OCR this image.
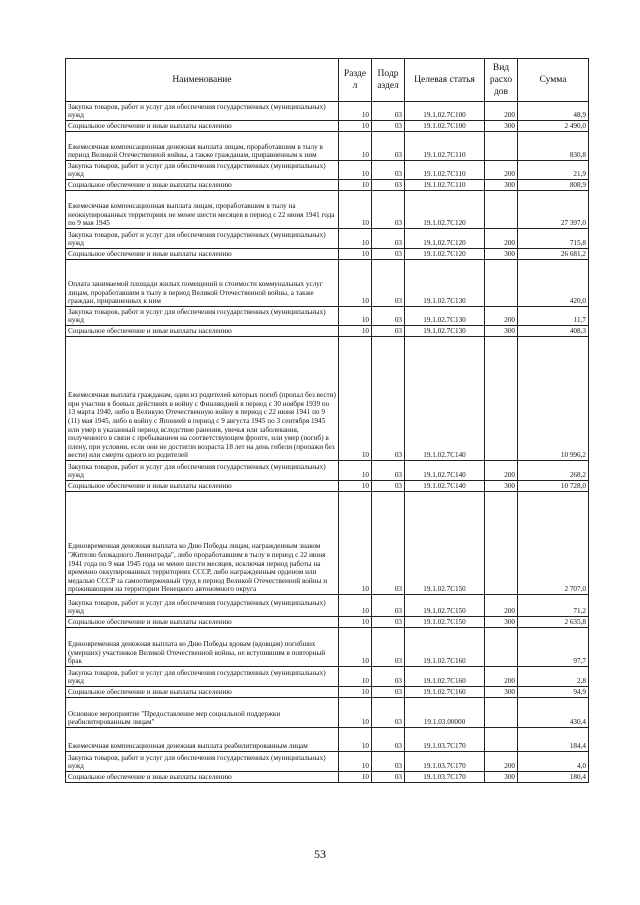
Наименование	Разде л	Подр аздел	Целевая статья	Вид расхо дов	Сумма
Закупка товаров, работ и услуг для обеспечения государственных (муниципальных) нужд	10	03	19.1.02.7С100	200	48,9
Социальное обеспечение и иные выплаты населению	10	03	19.1.02.7С100	300	2 490,0
Ежемесячная компенсационная денежная выплата лицам, проработавшим в тылу в период Великой Отечественной войны, а также гражданам, приравненным к ним	10	03	19.1.02.7С110		830,8
Закупка товаров, работ и услуг для обеспечения государственных (муниципальных) нужд	10	03	19.1.02.7С110	200	21,9
Социальное обеспечение и иные выплаты населению	10	03	19.1.02.7С110	300	808,9
Ежемесячная компенсационная выплата лицам, проработавшим в тылу на неоккупированных территориях не менее шести месяцев в период с 22 июня 1941 года по 9 мая 1945	10	03	19.1.02.7С120		27 397,0
Закупка товаров, работ и услуг для обеспечения государственных (муниципальных) нужд	10	03	19.1.02.7С120	200	715,8
Социальное обеспечение и иные выплаты населению	10	03	19.1.02.7С120	300	26 681,2
Оплата занимаемой площади жилых помещений и стоимости коммунальных услуг лицам, проработавшим в тылу в период Великой Отечественной войны, а также граждан, приравненных к ним	10	03	19.1.02.7С130		420,0
Закупка товаров, работ и услуг для обеспечения государственных (муниципальных) нужд	10	03	19.1.02.7С130	200	11,7
Социальное обеспечение и иные выплаты населению	10	03	19.1.02.7С130	300	408,3
Ежемесячная выплата гражданам, один из родителей которых погиб (пропал без вести) при участии в боевых действиях в войну с Финляндией в период с 30 ноября 1939 по 13 марта 1940, либо в Великую Отечественную войну в период с 22 июня 1941 по 9 (11) мая 1945, либо в войну с Японией в период с 9 августа 1945 по 3 сентября 1945 или умер в указанный период вследствие ранения, увечья или заболевания, полученного в связи с пребыванием на соответствующем фронте, или умер (погиб) в плену, при условии, если они не достигли возраста 18 лет на день гибели (пропажи без вести) или смерти одного из родителей	10	03	19.1.02.7С140		10 996,2
Закупка товаров, работ и услуг для обеспечения государственных (муниципальных) нужд	10	03	19.1.02.7С140	200	268,2
Социальное обеспечение и иные выплаты населению	10	03	19.1.02.7С140	300	10 728,0
Единовременная денежная выплата ко Дню Победы лицам, награжденным знаком "Жителю блокадного Ленинграда", либо проработавшим в тылу в период с 22 июня 1941 года по 9 мая 1945 года не менее шести месяцев, исключая период работы на временно оккупированных территориях СССР, либо награжденным орденом или медалью СССР за самоотверженный труд в период Великой Отечественной войны и проживающим на территории Ненецкого автономного округа	10	03	19.1.02.7С150		2 707,0
Закупка товаров, работ и услуг для обеспечения государственных (муниципальных) нужд	10	03	19.1.02.7С150	200	71,2
Социальное обеспечение и иные выплаты населению	10	03	19.1.02.7С150	300	2 635,8
Единовременная денежная выплата ко Дню Победы вдовам (вдовцам) погибших (умерших) участников Великой Отечественной войны, не вступившим в повторный брак	10	03	19.1.02.7С160		97,7
Закупка товаров, работ и услуг для обеспечения государственных (муниципальных) нужд	10	03	19.1.02.7С160	200	2,8
Социальное обеспечение и иные выплаты населению	10	03	19.1.02.7С160	300	94,9
Основное мероприятие "Предоставление мер социальной поддержки реабилитированным лицам"	10	03	19.1.03.00000		430,4
Ежемесячная компенсационная денежная выплата реабилитированным лицам	10	03	19.1.03.7С170		184,4
Закупка товаров, работ и услуг для обеспечения государственных (муниципальных) нужд	10	03	19.1.03.7С170	200	4,0
Социальное обеспечение и иные выплаты населению	10	03	19.1.03.7С170	300	180,4
53
